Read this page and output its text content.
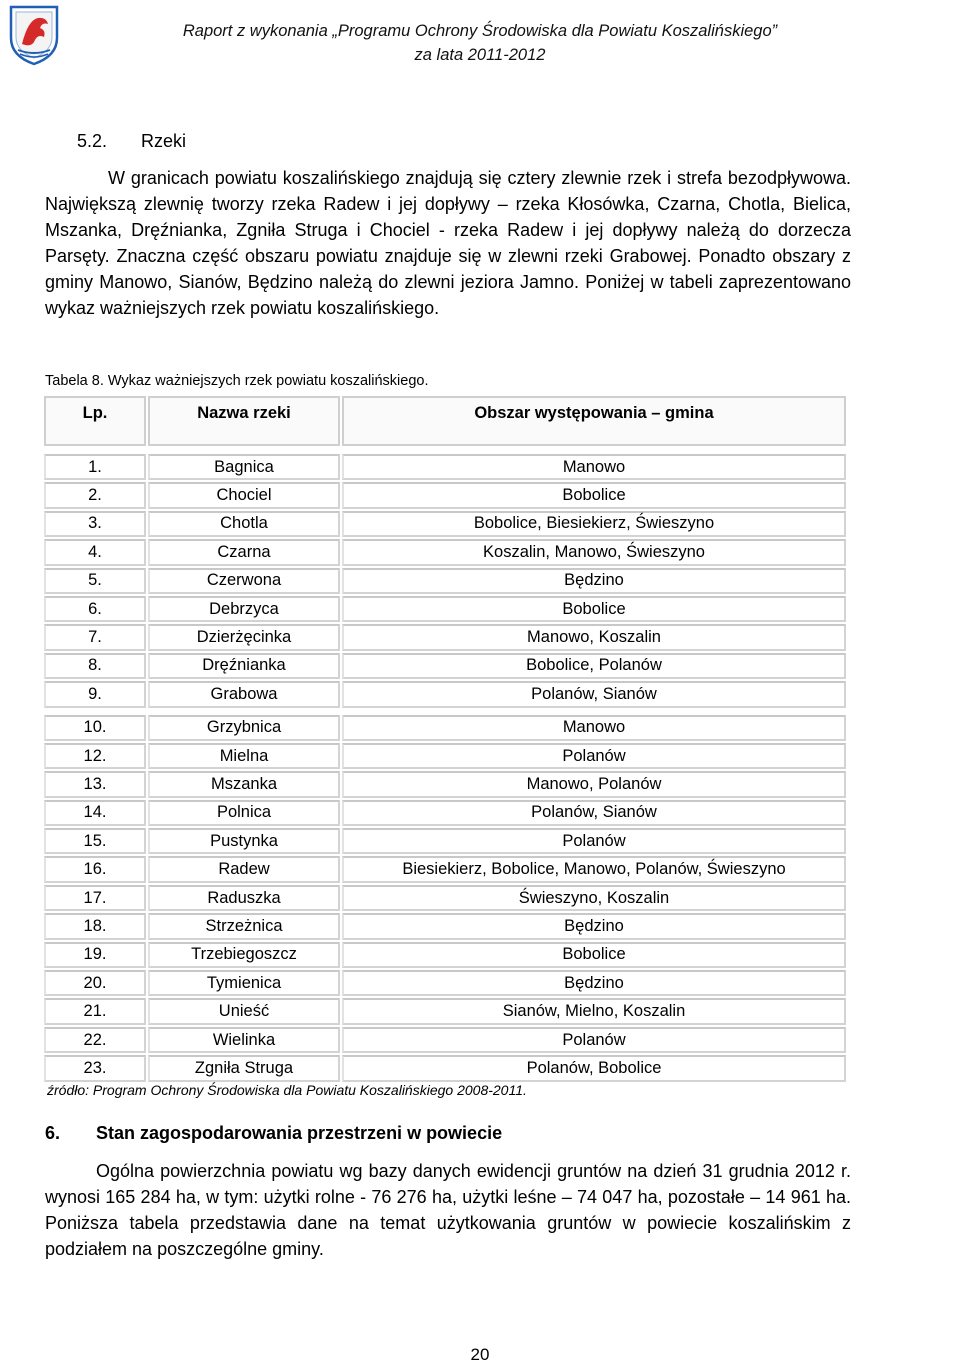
Raport z wykonania „Programu Ochrony Środowiska dla Powiatu Koszalińskiego”
za lata 2011-2012
5.2. Rzeki

W granicach powiatu koszalińskiego znajdują się cztery zlewnie rzek i strefa bezodpływowa. Największą zlewnię tworzy rzeka Radew i jej dopływy – rzeka Kłosówka, Czarna, Chotla, Bielica, Mszanka, Dręźnianka, Zgniła Struga i Chociel - rzeka Radew i jej dopływy należą do dorzecza Parsęty. Znaczna część obszaru powiatu znajduje się w zlewni rzeki Grabowej. Ponadto obszary z gminy Manowo, Sianów, Będzino należą do zlewni jeziora Jamno. Poniżej w tabeli zaprezentowano wykaz ważniejszych rzek powiatu koszalińskiego.

Tabela 8. Wykaz ważniejszych rzek powiatu koszalińskiego.
Lp.	Nazwa rzeki	Obszar występowania – gmina
1.	Bagnica	Manowo
2.	Chociel	Bobolice
3.	Chotla	Bobolice, Biesiekierz, Świeszyno
4.	Czarna	Koszalin, Manowo, Świeszyno
5.	Czerwona	Będzino
6.	Debrzyca	Bobolice
7.	Dzierżęcinka	Manowo, Koszalin
8.	Dręźnianka	Bobolice, Polanów
9.	Grabowa	Polanów, Sianów
10.	Grzybnica	Manowo
12.	Mielna	Polanów
13.	Mszanka	Manowo, Polanów
14.	Polnica	Polanów, Sianów
15.	Pustynka	Polanów
16.	Radew	Biesiekierz, Bobolice, Manowo, Polanów, Świeszyno
17.	Raduszka	Świeszyno, Koszalin
18.	Strzeżnica	Będzino
19.	Trzebiegoszcz	Bobolice
20.	Tymienica	Będzino
21.	Unieść	Sianów, Mielno, Koszalin
22.	Wielinka	Polanów
23.	Zgniła Struga	Polanów, Bobolice
źródło: Program Ochrony Środowiska dla Powiatu Koszalińskiego 2008-2011.
6. Stan zagospodarowania przestrzeni w powiecie

Ogólna powierzchnia powiatu wg bazy danych ewidencji gruntów na dzień 31 grudnia 2012 r. wynosi 165 284 ha, w tym: użytki rolne - 76 276 ha, użytki leśne – 74 047 ha, pozostałe – 14 961 ha. Poniższa tabela przedstawia dane na temat użytkowania gruntów w powiecie koszalińskim z podziałem na poszczególne gminy.

20
